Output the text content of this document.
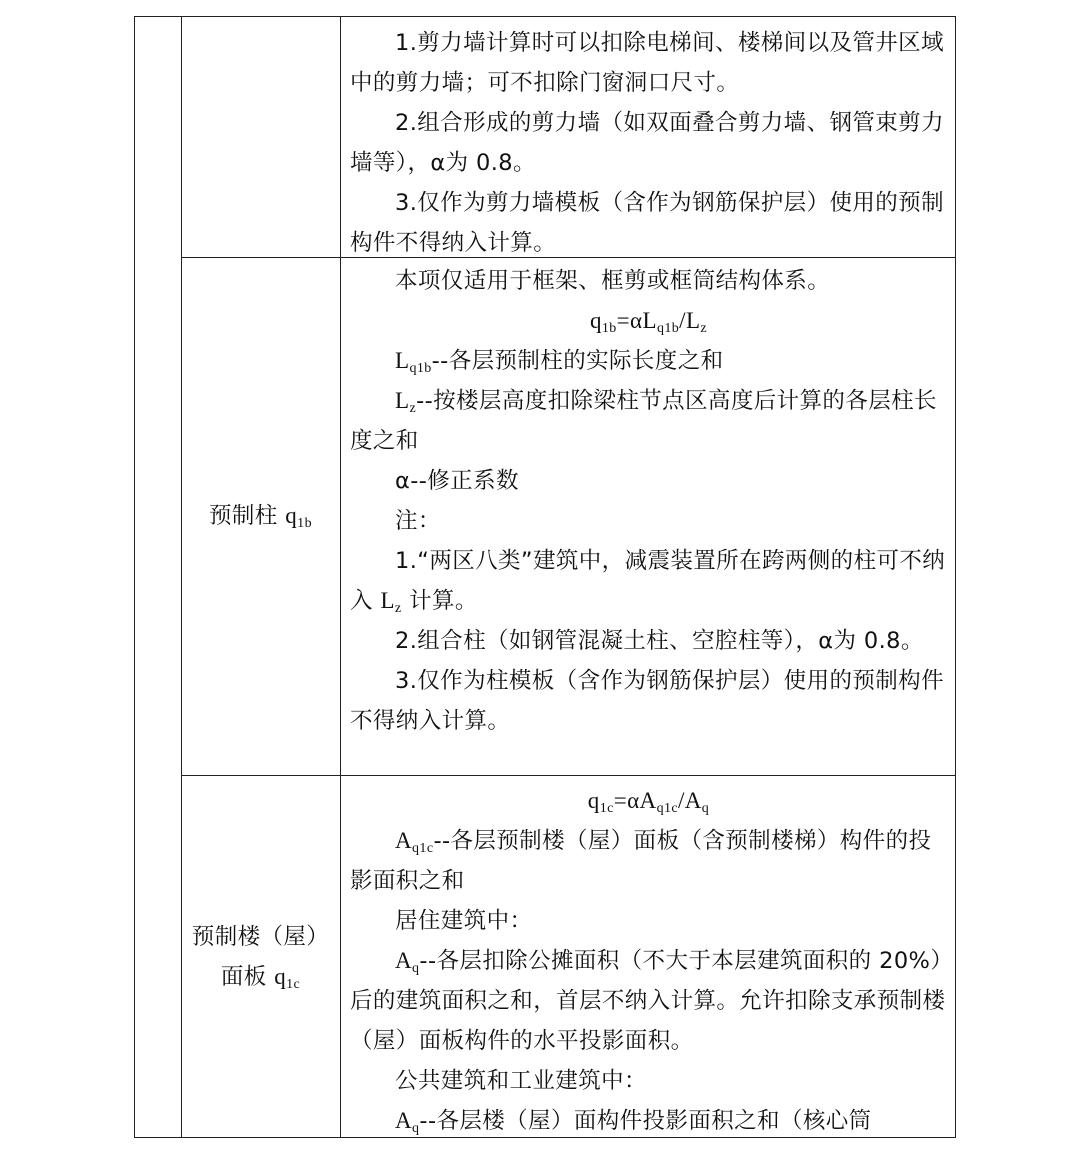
1.剪力墙计算时可以扣除电梯间、楼梯间以及管井区域中的剪力墙；可不扣除门窗洞口尺寸。

2.组合形成的剪力墙（如双面叠合剪力墙、钢管束剪力墙等），α为 0.8。

3.仅作为剪力墙模板（含作为钢筋保护层）使用的预制构件不得纳入计算。

预制柱 $q_{1b}$

本项仅适用于框架、框剪或框筒结构体系。

$q_{1b}=\alpha L_{q1b}/L_z$

$L_{q1b}--$各层预制柱的实际长度之和

$L_z--$按楼层高度扣除梁柱节点区高度后计算的各层柱长度之和

α--修正系数

注：

1.“两区八类”建筑中，减震装置所在跨两侧的柱可不纳入 $L_z$ 计算。

2.组合柱（如钢管混凝土柱、空腔柱等），α为 0.8。

3.仅作为柱模板（含作为钢筋保护层）使用的预制构件不得纳入计算。

预制楼（屋）
面板 $q_{1c}$

$q_{1c}=\alpha A_{q1c}/A_q$

$A_{q1c}--$各层预制楼（屋）面板（含预制楼梯）构件的投影面积之和

居住建筑中：

$A_q--$各层扣除公摊面积（不大于本层建筑面积的 20%）后的建筑面积之和，首层不纳入计算。允许扣除支承预制楼（屋）面板构件的水平投影面积。

公共建筑和工业建筑中：

$A_q--$各层楼（屋）面构件投影面积之和（核心筒
